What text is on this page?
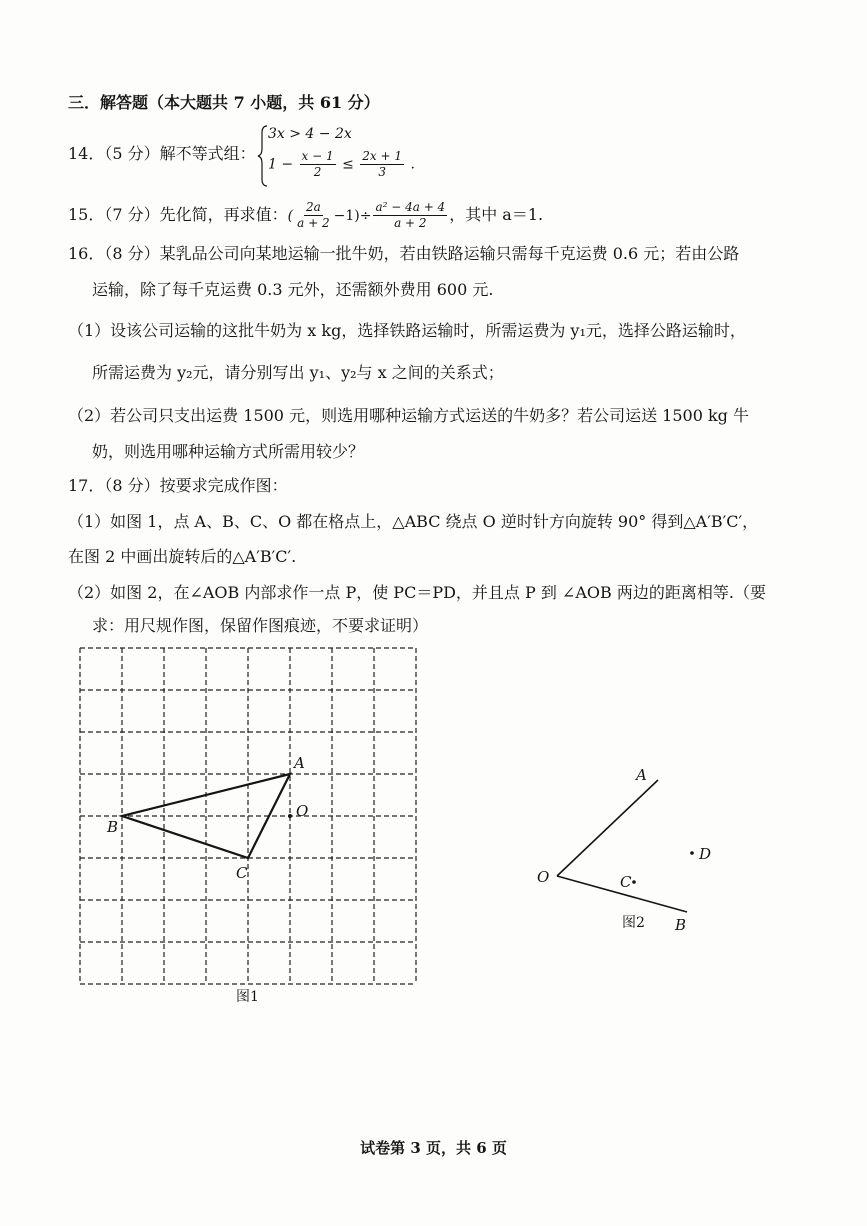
三．解答题（本大题共 7 小题，共 61 分）
14．（5 分）解不等式组：
3x > 4 − 2x
$1 - \frac{x - 1}{2} \le \frac{2x + 1}{3}$ .
15．（7 分）先化简，再求值：( $\frac{2a}{a + 2} -1)\div \frac{\text{a² − 4a + 4}}{a + 2}$ ，其中 a＝1.
16．（8 分）某乳品公司向某地运输一批牛奶，若由铁路运输只需每千克运费 0.6 元；若由公路
运输，除了每千克运费 0.3 元外，还需额外费用 600 元.
（1）设该公司运输的这批牛奶为 x kg，选择铁路运输时，所需运费为 y₁元，选择公路运输时，
所需运费为 y₂元，请分别写出 y₁、y₂与 x 之间的关系式；
（2）若公司只支出运费 1500 元，则选用哪种运输方式运送的牛奶多？若公司运送 1500 kg 牛
奶，则选用哪种运输方式所需用较少？
17．（8 分）按要求完成作图：
（1）如图 1，点 A、B、C、O 都在格点上，△ABC 绕点 O 逆时针方向旋转 90° 得到△A′B′C′，
在图 2 中画出旋转后的△A′B′C′.
（2）如图 2，在∠AOB 内部求作一点 P，使 PC＝PD，并且点 P 到 ∠AOB 两边的距离相等.（要
求：用尺规作图，保留作图痕迹，不要求证明）
A
B
C
O
图1
A
O	C
D
B
图2
试卷第 3 页，共 6 页
